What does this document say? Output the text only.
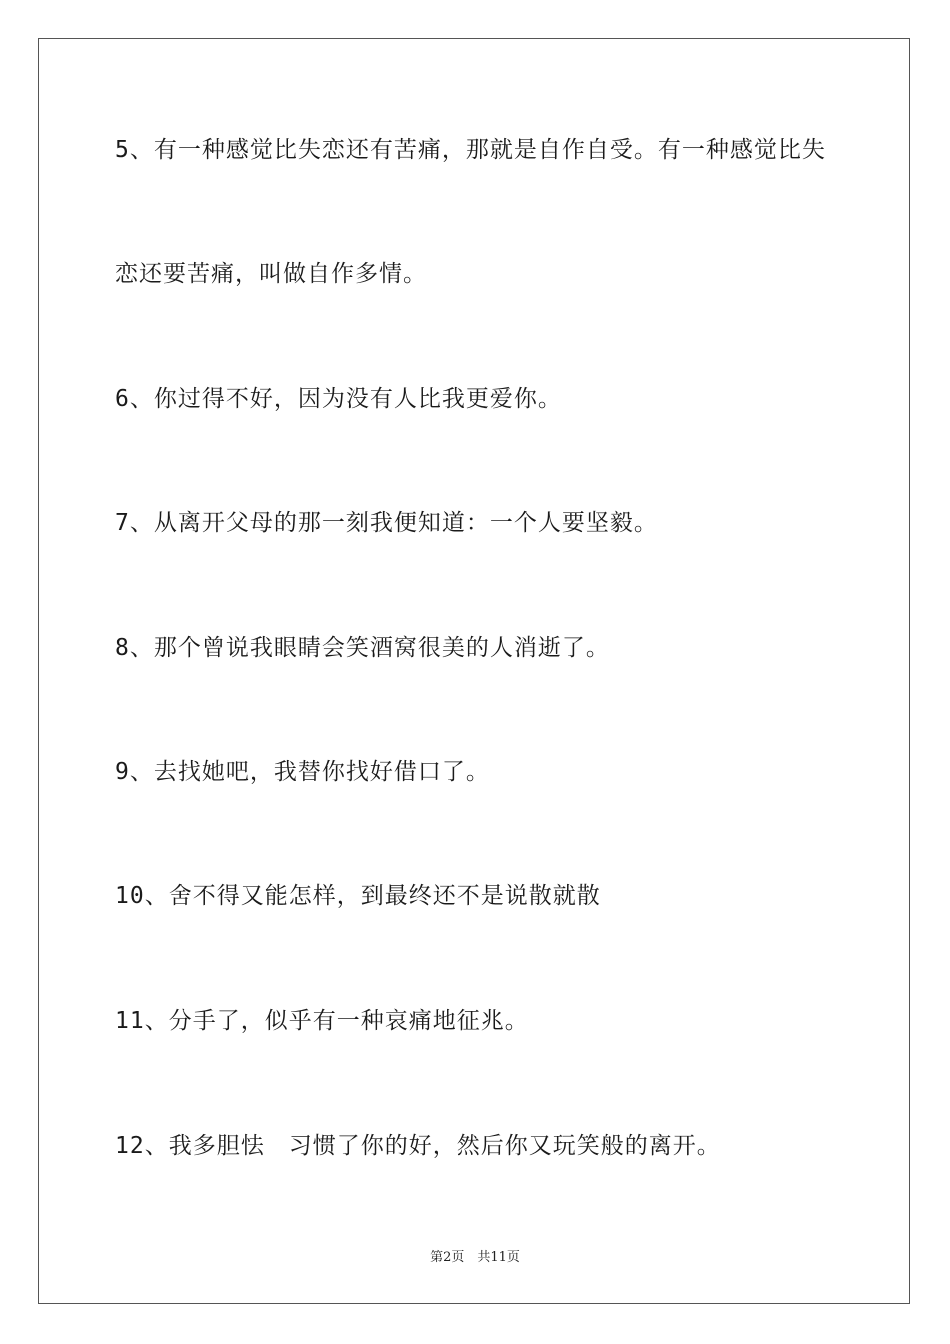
5、有一种感觉比失恋还有苦痛，那就是自作自受。有一种感觉比失
恋还要苦痛，叫做自作多情。
6、你过得不好，因为没有人比我更爱你。
7、从离开父母的那一刻我便知道：一个人要坚毅。
8、那个曾说我眼睛会笑酒窝很美的人消逝了。
9、去找她吧，我替你找好借口了。
10、舍不得又能怎样，到最终还不是说散就散
11、分手了，似乎有一种哀痛地征兆。
12、我多胆怯　习惯了你的好，然后你又玩笑般的离开。
第2页　共11页
